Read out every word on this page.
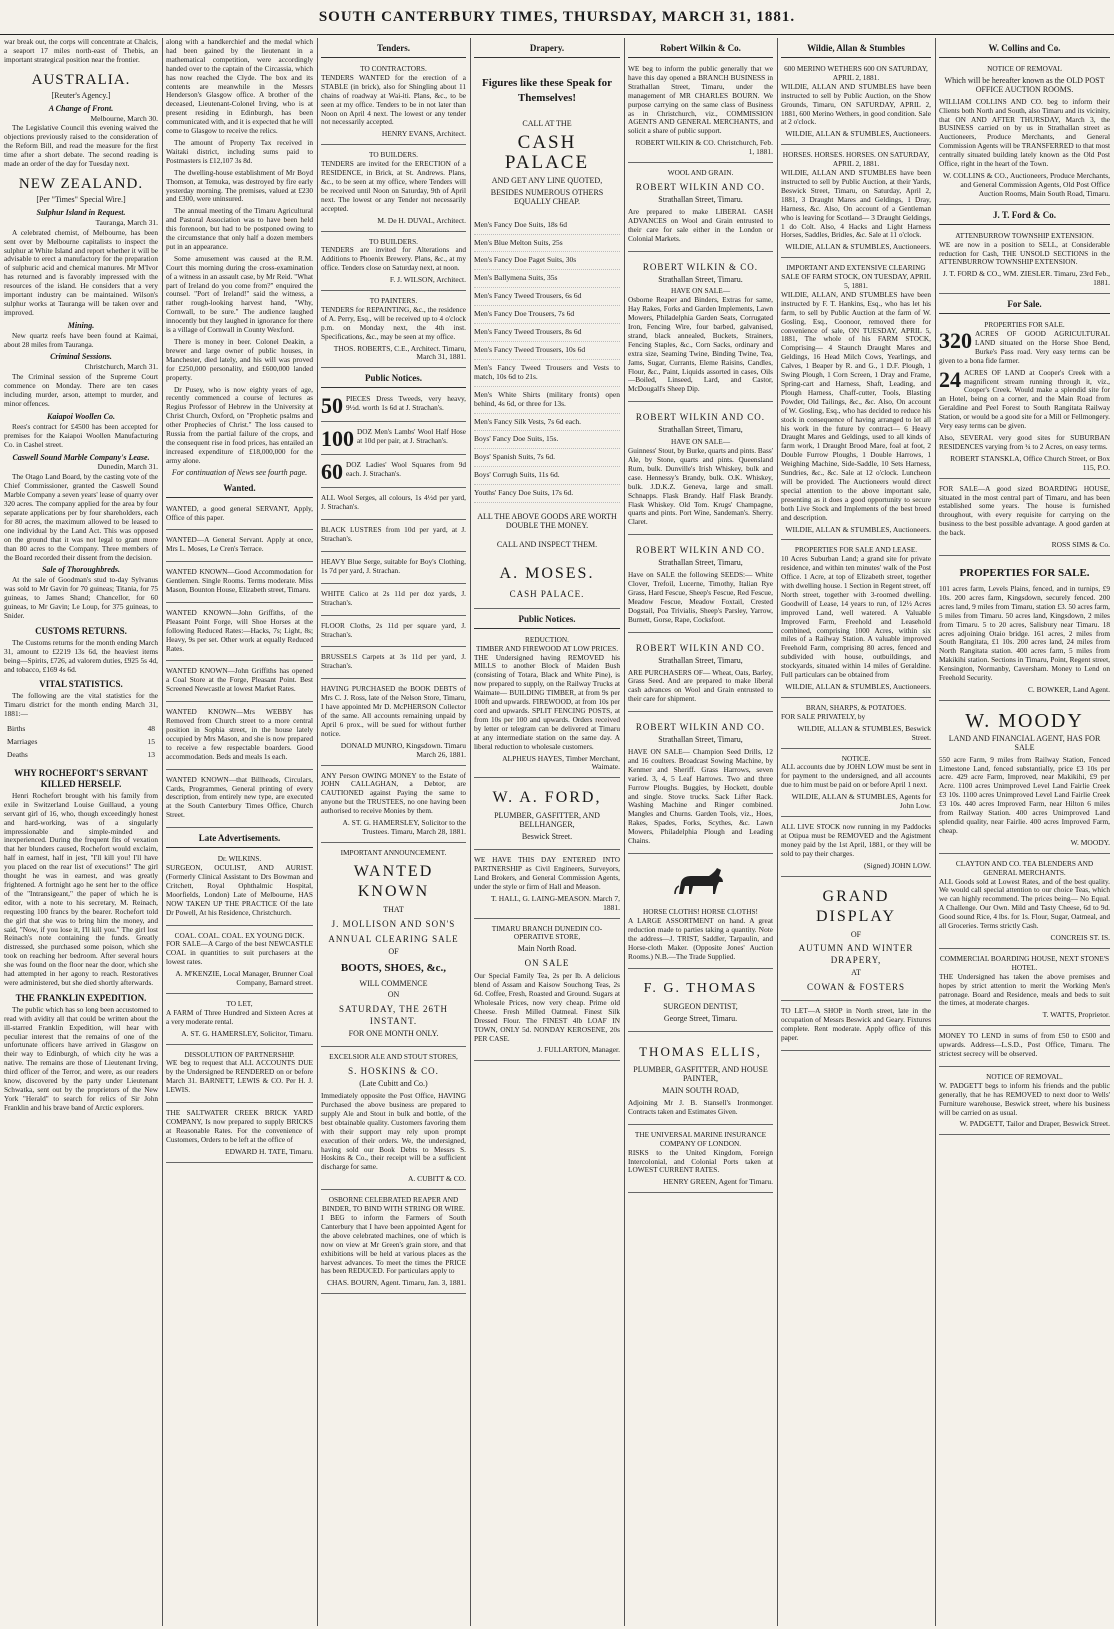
SOUTH CANTERBURY TIMES, THURSDAY, MARCH 31, 1881.

war break out, the corps will concentrate at Chalcis, a seaport 17 miles north-east of Thebis, an important strategical position near the frontier.

AUSTRALIA.
[Reuter's Agency.]
A Change of Front.
Melbourne, March 30.

The Legislative Council this evening waived the objections previously raised to the consideration of the Reform Bill, and read the measure for the first time after a short debate. The second reading is made an order of the day for Tuesday next.

NEW ZEALAND.
[Per "Times" Special Wire.]
Sulphur Island in Request.
Tauranga, March 31.

A celebrated chemist, of Melbourne, has been sent over by Melbourne capitalists to inspect the sulphur at White Island and report whether it will be advisable to erect a manufactory for the preparation of sulphuric acid and chemical manures. Mr M'Ivor has returned and is favorably impressed with the resources of the island. He considers that a very important industry can be maintained. Wilson's sulphur works at Tauranga will be taken over and improved.

Mining.

New quartz reefs have been found at Kaimai, about 28 miles from Tauranga.

Criminal Sessions.
Christchurch, March 31.

The Criminal session of the Supreme Court commence on Monday. There are ten cases including murder, arson, attempt to murder, and minor offences.

Kaiapoi Woollen Co.

Rees's contract for £4500 has been accepted for premises for the Kaiapoi Woollen Manufacturing Co. in Cashel street.

Caswell Sound Marble Company's Lease.
Dunedin, March 31.

The Otago Land Board, by the casting vote of the Chief Commissioner, granted the Caswell Sound Marble Company a seven years' lease of quarry over 320 acres. The company applied for the area by four separate applications per by four shareholders, each for 80 acres, the maximum allowed to be leased to one individual by the Land Act. This was opposed on the ground that it was not legal to grant more than 80 acres to the Company. Three members of the Board recorded their dissent from the decision.

Sale of Thoroughbreds.

At the sale of Goodman's stud to-day Sylvanus was sold to Mr Gavin for 70 guineas; Titania, for 75 guineas, to James Shand; Chancellor, for 60 guineas, to Mr Gavin; Le Loup, for 375 guineas, to Snider.

CUSTOMS RETURNS.

The Customs returns for the month ending March 31, amount to £2219 13s 6d, the heaviest items being—Spirits, £726, ad valorem duties, £925 5s 4d, and tobacco, £169 4s 6d.

VITAL STATISTICS.

The following are the vital statistics for the Timaru district for the month ending March 31, 1881:—

Births	48
Marriages	15
Deaths	13
WHY ROCHEFORT'S SERVANT KILLED HERSELF.

Henri Rochefort brought with his family from exile in Switzerland Louise Guillaud, a young servant girl of 16, who, though exceedingly honest and hard-working, was of a singularly impressionable and simple-minded and inexperienced. During the frequent fits of vexation that her blunders caused, Rochefort would exclaim, half in earnest, half in jest, "I'll kill you! I'll have you placed on the rear list of executions!" The girl thought he was in earnest, and was greatly frightened. A fortnight ago he sent her to the office of the "Intransigeant," the paper of which he is editor, with a note to his secretary, M. Reinach, requesting 100 francs by the bearer. Rochefort told the girl that she was to bring him the money, and said, "Now, if you lose it, I'll kill you." The girl lost Reinach's note containing the funds. Greatly distressed, she purchased some poison, which she took on reaching her bedroom. After several hours she was found on the floor near the door, which she had attempted in her agony to reach. Restoratives were administered, but she died shortly afterwards.

THE FRANKLIN EXPEDITION.

The public which has so long been accustomed to read with avidity all that could be written about the ill-starred Franklin Expedition, will hear with peculiar interest that the remains of one of the unfortunate officers have arrived in Glasgow on their way to Edinburgh, of which city he was a native. The remains are those of Lieutenant Irving, third officer of the Terror, and were, as our readers know, discovered by the party under Lieutenant Schwatka, sent out by the proprietors of the New York "Herald" to search for relics of Sir John Franklin and his brave band of Arctic explorers.

along with a handkerchief and the medal which had been gained by the lieutenant in a mathematical competition, were accordingly handed over to the captain of the Circassia, which has now reached the Clyde. The box and its contents are meanwhile in the Messrs Henderson's Glasgow office. A brother of the deceased, Lieutenant-Colonel Irving, who is at present residing in Edinburgh, has been communicated with, and it is expected that he will come to Glasgow to receive the relics.

The amount of Property Tax received in Waitaki district, including sums paid to Postmasters is £12,107 3s 8d.

The dwelling-house establishment of Mr Boyd Thomson, at Temuka, was destroyed by fire early yesterday morning. The premises, valued at £230 and £300, were uninsured.

The annual meeting of the Timaru Agricultural and Pastoral Association was to have been held this forenoon, but had to be postponed owing to the circumstance that only half a dozen members put in an appearance.

Some amusement was caused at the R.M. Court this morning during the cross-examination of a witness in an assault case, by Mr Reid. "What part of Ireland do you come from?" enquired the counsel. "Port of Ireland!" said the witness, a rather rough-looking harvest hand, "Why, Cornwall, to be sure." The audience laughed innocently but they laughed in ignorance for there is a village of Cornwall in County Wexford.

There is money in beer. Colonel Deakin, a brewer and large owner of public houses, in Manchester, died lately, and his will was proved for £250,000 personality, and £600,000 landed property.

Dr Pusey, who is now eighty years of age, recently commenced a course of lectures as Regius Professor of Hebrew in the University at Christ Church, Oxford, on "Prophetic psalms and other Prophecies of Christ." The loss caused to Russia from the partial failure of the crops, and the consequent rise in food prices, has entailed an increased expenditure of £18,000,000 for the army alone.

For continuation of News see fourth page.
Wanted.

WANTED, a good general SERVANT, Apply, Office of this paper.

WANTED—A General Servant. Apply at once, Mrs L. Moses, Le Cren's Terrace.

WANTED KNOWN—Good Accommodation for Gentlemen. Single Rooms. Terms moderate. Miss Mason, Bounton House, Elizabeth street, Timaru.

WANTED KNOWN—John Griffiths, of the Pleasant Point Forge, will Shoe Horses at the following Reduced Rates:—Hacks, 7s; Light, 8s; Heavy, 9s per set. Other work at equally Reduced Rates.

WANTED KNOWN—John Griffiths has opened a Coal Store at the Forge, Pleasant Point. Best Screened Newcastle at lowest Market Rates.

WANTED KNOWN—Mrs WEBBY has Removed from Church street to a more central position in Sophia street, in the house lately occupied by Mrs Mason, and she is now prepared to receive a few respectable boarders. Good accommodation. Beds and meals 1s each.

WANTED KNOWN—that Billheads, Circulars, Cards, Programmes, General printing of every description, from entirely new type, are executed at the South Canterbury Times Office, Church Street.

Late Advertisements.
Dr. WILKINS.

SURGEON, OCULIST, AND AURIST. (Formerly Clinical Assistant to Drs Bowman and Critchett, Royal Ophthalmic Hospital, Moorfields, London) Late of Melbourne, HAS NOW TAKEN UP THE PRACTICE Of the late Dr Powell, At his Residence, Christchurch.

COAL. COAL. COAL. EX YOUNG DICK.

FOR SALE—A Cargo of the best NEWCASTLE COAL in quantities to suit purchasers at the lowest rates.

A. M'KENZIE, Local Manager, Brunner Coal Company, Barnard street.
TO LET,

A FARM of Three Hundred and Sixteen Acres at a very moderate rental.

A. ST. G. HAMERSLEY, Solicitor, Timaru.
DISSOLUTION OF PARTNERSHIP.

WE beg to request that ALL ACCOUNTS DUE by the Undersigned be RENDERED on or before March 31. BARNETT, LEWIS & CO. Per H. J. LEWIS.

THE SALTWATER CREEK BRICK YARD COMPANY, Is now prepared to supply BRICKS at Reasonable Rates. For the convenience of Customers, Orders to be left at the office of

EDWARD H. TATE, Timaru.
Tenders.
TO CONTRACTORS.

TENDERS WANTED for the erection of a STABLE (in brick), also for Shingling about 11 chains of roadway at Wai-iti. Plans, &c., to be seen at my office. Tenders to be in not later than Noon on April 4 next. The lowest or any tender not necessarily accepted.

HENRY EVANS, Architect.
TO BUILDERS.

TENDERS are invited for the ERECTION of a RESIDENCE, in Brick, at St. Andrews. Plans, &c., to be seen at my office, where Tenders will be received until Noon on Saturday, 9th of April next. The lowest or any Tender not necessarily accepted.

M. De H. DUVAL, Architect.
TO BUILDERS.

TENDERS are invited for Alterations and Additions to Phoenix Brewery. Plans, &c., at my office. Tenders close on Saturday next, at noon.

F. J. WILSON, Architect.
TO PAINTERS.

TENDERS for REPAINTING, &c., the residence of A. Perry, Esq., will be received up to 4 o'clock p.m. on Monday next, the 4th inst. Specifications, &c., may be seen at my office.

THOS. ROBERTS, C.E., Architect. Timaru, March 31, 1881.
Public Notices.
50 PIECES Dress Tweeds, very heavy, 9½d. worth 1s 6d at J. Strachan's.

100 DOZ Men's Lambs' Wool Half Hose at 10d per pair, at J. Strachan's.

60 DOZ Ladies' Wool Squares from 9d each. J. Strachan's.

ALL Wool Serges, all colours, 1s 4½d per yard, J. Strachan's.

BLACK LUSTRES from 10d per yard, at J. Strachan's.

HEAVY Blue Serge, suitable for Boy's Clothing, 1s 7d per yard, J. Strachan.

WHITE Calico at 2s 11d per doz yards, J. Strachan's.

FLOOR Cloths, 2s 11d per square yard, J. Strachan's.

BRUSSELS Carpets at 3s 11d per yard, J. Strachan's.

HAVING PURCHASED the BOOK DEBTS of Mrs C. J. Ross, late of the Nelson Store, Timaru, I have appointed Mr D. McPHERSON Collector of the same. All accounts remaining unpaid by April 6 prox., will be sued for without further notice.

DONALD MUNRO, Kingsdown. Timaru March 26, 1881.

ANY Person OWING MONEY to the Estate of JOHN CALLAGHAN, a Debtor, are CAUTIONED against Paying the same to anyone but the TRUSTEES, no one having been authorised to receive Monies by them.

A. ST. G. HAMERSLEY, Solicitor to the Trustees. Timaru, March 28, 1881.
IMPORTANT ANNOUNCEMENT.
WANTED KNOWN
THAT
J. MOLLISON AND SON'S
ANNUAL CLEARING SALE
OF
BOOTS, SHOES, &c.,
WILL COMMENCE
ON
SATURDAY, THE 26TH INSTANT.
FOR ONE MONTH ONLY.
EXCELSIOR ALE AND STOUT STORES,
S. HOSKINS & CO.
(Late Cubitt and Co.)

Immediately opposite the Post Office, HAVING Purchased the above business are prepared to supply Ale and Stout in bulk and bottle, of the best obtainable quality. Customers favoring them with their support may rely upon prompt execution of their orders. We, the undersigned, having sold our Book Debts to Messrs S. Hoskins & Co., their receipt will be a sufficient discharge for same.

A. CUBITT & CO.
OSBORNE CELEBRATED REAPER AND BINDER, TO BIND WITH STRING OR WIRE.

I BEG to inform the Farmers of South Canterbury that I have been appointed Agent for the above celebrated machines, one of which is now on view at Mr Green's grain store, and that exhibitions will be held at various places as the harvest advances. To meet the times the PRICE has been REDUCED. For particulars apply to

CHAS. BOURN, Agent. Timaru, Jan. 3, 1881.
Drapery.
Figures like these Speak for Themselves!
CALL AT THE
CASH PALACE
AND GET ANY LINE QUOTED,
BESIDES NUMEROUS OTHERS EQUALLY CHEAP.
Men's Fancy Doe Suits, 18s 6d
Men's Blue Melton Suits, 25s
Men's Fancy Doe Paget Suits, 30s
Men's Ballymena Suits, 35s
Men's Fancy Tweed Trousers, 6s 6d
Men's Fancy Doe Trousers, 7s 6d
Men's Fancy Tweed Trousers, 8s 6d
Men's Fancy Tweed Trousers, 10s 6d
Men's Fancy Tweed Trousers and Vests to match, 10s 6d to 21s.
Men's White Shirts (military fronts) open behind, 4s 6d, or three for 13s.
Men's Fancy Silk Vests, 7s 6d each.
Boys' Fancy Doe Suits, 15s.
Boys' Spanish Suits, 7s 6d.
Boys' Corrugh Suits, 11s 6d.
Youths' Fancy Doe Suits, 17s 6d.
ALL THE ABOVE GOODS ARE WORTH DOUBLE THE MONEY.
CALL AND INSPECT THEM.
A. MOSES.
CASH PALACE.
Public Notices.
REDUCTION.
TIMBER AND FIREWOOD AT LOW PRICES.

THE Undersigned having REMOVED his MILLS to another Block of Maiden Bush (consisting of Totara, Black and White Pine), is now prepared to supply, on the Railway Trucks at Waimate— BUILDING TIMBER, at from 9s per 100ft and upwards. FIREWOOD, at from 10s per cord and upwards. SPLIT FENCING POSTS, at from 10s per 100 and upwards. Orders received by letter or telegram can be delivered at Timaru at any intermediate station on the same day. A liberal reduction to wholesale customers.

ALPHEUS HAYES, Timber Merchant, Waimate.
W. A. FORD,
PLUMBER, GASFITTER, AND BELLHANGER,
Beswick Street.

WE HAVE THIS DAY ENTERED INTO PARTNERSHIP as Civil Engineers, Surveyors, Land Brokers, and General Commission Agents, under the style or firm of Hall and Meason.

T. HALL, G. LAING-MEASON. March 7, 1881.
TIMARU BRANCH DUNEDIN CO-OPERATIVE STORE,
Main North Road.
ON SALE

Our Special Family Tea, 2s per lb. A delicious blend of Assam and Kaisow Souchong Teas, 2s 6d. Coffee, Fresh, Roasted and Ground. Sugars at Wholesale Prices, now very cheap. Prime old Cheese. Fresh Milled Oatmeal. Finest Silk Dressed Flour. The FINEST 4lb LOAF IN TOWN, ONLY 5d. NONDAY KEROSENE, 20s PER CASE.

J. FULLARTON, Manager.
Robert Wilkin & Co.

WE beg to inform the public generally that we have this day opened a BRANCH BUSINESS in Strathallan Street, Timaru, under the management of MR CHARLES BOURN. We purpose carrying on the same class of Business as in Christchurch, viz., COMMISSION AGENTS AND GENERAL MERCHANTS, and solicit a share of public support.

ROBERT WILKIN & CO. Christchurch, Feb. 1, 1881.
WOOL AND GRAIN.
ROBERT WILKIN AND CO.
Strathallan Street, Timaru.

Are prepared to make LIBERAL CASH ADVANCES on Wool and Grain entrusted to their care for sale either in the London or Colonial Markets.

ROBERT WILKIN & CO.
Strathallan Street, Timaru.
HAVE ON SALE—

Osborne Reaper and Binders, Extras for same, Hay Rakes, Forks and Garden Implements, Lawn Mowers, Philadelphia Garden Seats, Corrugated Iron, Fencing Wire, four barbed, galvanised, strand, black annealed, Buckets, Strainers, Fencing Staples, &c., Corn Sacks, ordinary and extra size, Seaming Twine, Binding Twine, Tea, Jams, Sugar, Currants, Eleme Raisins, Candles, Flour, &c., Paint, Liquids assorted in cases, Oils—Boiled, Linseed, Lard, and Castor, McDougall's Sheep Dip.

ROBERT WILKIN AND CO.
Strathallan Street, Timaru,
HAVE ON SALE—

Guinness' Stout, by Burke, quarts and pints. Bass' Ale, by Stone, quarts and pints. Queensland Rum, bulk. Dunville's Irish Whiskey, bulk and case. Hennessy's Brandy, bulk. O.K. Whiskey, bulk. J.D.K.Z. Geneva, large and small. Schnapps. Flask Brandy. Half Flask Brandy. Flask Whiskey. Old Tom. Krugs' Champagne, quarts and pints. Port Wine, Sandeman's. Sherry. Claret.

ROBERT WILKIN AND CO.
Strathallan Street, Timaru,

Have on SALE the following SEEDS:— White Clover, Trefoil, Lucerne, Timothy, Italian Rye Grass, Hard Fescue, Sheep's Fescue, Red Fescue, Meadow Fescue, Meadow Foxtail, Crested Dogstail, Poa Trivialis, Sheep's Parsley, Yarrow, Burnett, Gorse, Rape, Cocksfoot.

ROBERT WILKIN AND CO.
Strathallan Street, Timaru,

ARE PURCHASERS OF— Wheat, Oats, Barley, Grass Seed. And are prepared to make liberal cash advances on Wool and Grain entrusted to their care for shipment.

ROBERT WILKIN AND CO.
Strathallan Street, Timaru,

HAVE ON SALE— Champion Seed Drills, 12 and 16 coulters. Broadcast Sowing Machine, by Kenmer and Sheriff. Grass Harrows, seven varied. 3, 4, 5 Leaf Harrows. Two and three Furrow Ploughs. Buggies, by Hockett, double and single. Stove trucks. Sack Lifter Rack. Washing Machine and Ringer combined. Mangles and Churns. Garden Tools, viz., Hoes, Rakes, Spades, Forks, Scythes, &c. Lawn Mowers, Philadelphia Plough and Leading Chains.

HORSE CLOTHS! HORSE CLOTHS!

A LARGE ASSORTMENT on hand. A great reduction made to parties taking a quantity. Note the address—J. TRIST, Saddler, Tarpaulin, and Horse-cloth Maker. (Opposite Jones' Auction Rooms.) N.B.—The Trade Supplied.

F. G. THOMAS
SURGEON DENTIST,
George Street, Timaru.
THOMAS ELLIS,
PLUMBER, GASFITTER, AND HOUSE PAINTER,
MAIN SOUTH ROAD,

Adjoining Mr J. B. Stansell's Ironmonger. Contracts taken and Estimates Given.

THE UNIVERSAL MARINE INSURANCE COMPANY OF LONDON.

RISKS to the United Kingdom, Foreign Intercolonial, and Colonial Ports taken at LOWEST CURRENT RATES.

HENRY GREEN, Agent for Timaru.
Wildie, Allan & Stumbles
600 MERINO WETHERS 600 ON SATURDAY, APRIL 2, 1881.

WILDIE, ALLAN AND STUMBLES have been instructed to sell by Public Auction, on the Show Grounds, Timaru, ON SATURDAY, APRIL 2, 1881, 600 Merino Wethers, in good condition. Sale at 2 o'clock.

WILDIE, ALLAN & STUMBLES, Auctioneers.
HORSES. HORSES. HORSES. ON SATURDAY, APRIL 2, 1881.

WILDIE, ALLAN AND STUMBLES have been instructed to sell by Public Auction, at their Yards, Beswick Street, Timaru, on Saturday, April 2, 1881, 3 Draught Mares and Geldings, 1 Dray, Harness, &c. Also, On account of a Gentleman who is leaving for Scotland— 3 Draught Geldings, 1 do Colt. Also, 4 Hacks and Light Harness Horses, Saddles, Bridles, &c. Sale at 11 o'clock.

WILDIE, ALLAN & STUMBLES, Auctioneers.
IMPORTANT AND EXTENSIVE CLEARING SALE OF FARM STOCK, ON TUESDAY, APRIL 5, 1881.

WILDIE, ALLAN, AND STUMBLES have been instructed by F. T. Hankins, Esq., who has let his farm, to sell by Public Auction at the farm of W. Gosling, Esq., Coonoor, removed there for convenience of sale, ON TUESDAY, APRIL 5, 1881, The whole of his FARM STOCK, Comprising— 4 Staunch Draught Mares and Geldings, 16 Head Milch Cows, Yearlings, and Calves, 1 Beaper by R. and G., 1 D.F. Plough, 1 Swing Plough, 1 Corn Screen, 1 Dray and Frame, Spring-cart and Harness, Shaft, Leading, and Plough Harness, Chaff-cutter, Tools, Blasting Powder, Old Tailings, &c., &c. Also, On account of W. Gosling, Esq., who has decided to reduce his stock in consequence of having arranged to let all his work in the future by contract— 6 Heavy Draught Mares and Geldings, used to all kinds of farm work, 1 Draught Brood Mare, foal at foot, 2 Double Furrow Ploughs, 1 Double Harrows, 1 Weighing Machine, Side-Saddle, 10 Sets Harness, Sundries, &c., &c. Sale at 12 o'clock. Luncheon will be provided. The Auctioneers would direct special attention to the above important sale, presenting as it does a good opportunity to secure both Live Stock and Implements of the best breed and description.

WILDIE, ALLAN & STUMBLES, Auctioneers.
PROPERTIES FOR SALE AND LEASE.

10 Acres Suburban Land; a grand site for private residence, and within ten minutes' walk of the Post Office. 1 Acre, at top of Elizabeth street, together with dwelling house. 1 Section in Regent street, off North street, together with 3-roomed dwelling. Goodwill of Lease, 14 years to run, of 12½ Acres improved Land, well watered. A Valuable Improved Farm, Freehold and Leasehold combined, comprising 1000 Acres, within six miles of a Railway Station. A valuable improved Freehold Farm, comprising 80 acres, fenced and subdivided with house, outbuildings, and stockyards, situated within 14 miles of Geraldine. Full particulars can be obtained from

WILDIE, ALLAN & STUMBLES, Auctioneers.
BRAN, SHARPS, & POTATOES.

FOR SALE PRIVATELY, by

WILDIE, ALLAN & STUMBLES, Beswick Street.
NOTICE.

ALL accounts due by JOHN LOW must be sent in for payment to the undersigned, and all accounts due to him must be paid on or before April 1 next.

WILDIE, ALLAN & STUMBLES, Agents for John Low.

ALL LIVE STOCK now running in my Paddocks at Otipua must be REMOVED and the Agistment money paid by the 1st April, 1881, or they will be sold to pay their charges.

(Signed) JOHN LOW.
GRAND DISPLAY
OF
AUTUMN AND WINTER DRAPERY,
AT
COWAN & FOSTERS

TO LET—A SHOP in North street, late in the occupation of Messrs Beswick and Geary. Fixtures complete. Rent moderate. Apply office of this paper.

W. Collins and Co.
NOTICE OF REMOVAL
Which will be hereafter known as the OLD POST OFFICE AUCTION ROOMS.

WILLIAM COLLINS AND CO. beg to inform their Clients both North and South, also Timaru and its vicinity, that ON AND AFTER THURSDAY, March 3, the BUSINESS carried on by us in Strathallan street as Auctioneers, Produce Merchants, and General Commission Agents will be TRANSFERRED to that most centrally situated building lately known as the Old Post Office, right in the heart of the Town.

W. COLLINS & CO., Auctioneers, Produce Merchants, and General Commission Agents, Old Post Office Auction Rooms, Main South Road, Timaru.
J. T. Ford & Co.
ATTENBURROW TOWNSHIP EXTENSION.

WE are now in a position to SELL, at Considerable reduction for Cash, THE UNSOLD SECTIONS in the ATTENBURROW TOWNSHIP EXTENSION.

J. T. FORD & CO., WM. ZIESLER. Timaru, 23rd Feb., 1881.
For Sale.
PROPERTIES FOR SALE.
320 ACRES OF GOOD AGRICULTURAL LAND situated on the Horse Shoe Bend, Burke's Pass road. Very easy terms can be given to a bona fide farmer.

24 ACRES OF LAND at Cooper's Creek with a magnificent stream running through it, viz., Cooper's Creek. Would make a splendid site for an Hotel, being on a corner, and the Main Road from Geraldine and Peel Forest to South Rangitata Railway Station, or would be a good site for a Mill or Fellmongery. Very easy terms can be given.

Also, SEVERAL very good sites for SUBURBAN RESIDENCES varying from ¼ to 2 Acres, on easy terms.

ROBERT STANSKLA, Office Church Street, or Box 115, P.O.

FOR SALE—A good sized BOARDING HOUSE, situated in the most central part of Timaru, and has been established some years. The house is furnished throughout, with every requisite for carrying on the business to the best possible advantage. A good garden at the back.

ROSS SIMS & Co.
PROPERTIES FOR SALE.

101 acres farm, Levels Plains, fenced, and in turnips, £9 10s. 200 acres farm, Kingsdown, securely fenced. 200 acres land, 9 miles from Timaru, station £3. 50 acres farm, 5 miles from Timaru. 50 acres land, Kingsdown, 2 miles from Timaru. 5 to 20 acres, Salisbury near Timaru. 18 acres adjoining Otaio bridge. 161 acres, 2 miles from South Rangitata, £1 10s. 200 acres land, 24 miles from North Rangitata station. 400 acres farm, 5 miles from Makikihi station. Sections in Timaru, Point, Regent street, Kensington, Normanby, Caversham. Money to Lend on Freehold Security.

C. BOWKER, Land Agent.
W. MOODY
LAND AND FINANCIAL AGENT, HAS FOR SALE

550 acre Farm, 9 miles from Railway Station, Fenced Limestone Land, fenced substantially, price £3 10s per acre. 429 acre Farm, Improved, near Makikihi, £9 per Acre. 1100 acres Unimproved Level Land Fairlie Creek £3 10s. 1100 acres Unimproved Level Land Fairlie Creek £3 10s. 440 acres Improved Farm, near Hilton 6 miles from Railway Station. 400 acres Unimproved Land splendid quality, near Fairlie. 400 acres Improved Farm, cheap.

W. MOODY.
CLAYTON AND CO. TEA BLENDERS AND GENERAL MERCHANTS.

ALL Goods sold at Lowest Rates, and of the best quality. We would call special attention to our choice Teas, which we can highly recommend. The prices being— No Equal. A Challenge. Our Own. Mild and Tasty Cheese, 6d to 9d. Good sound Rice, 4 lbs. for 1s. Flour, Sugar, Oatmeal, and all Groceries. Terms strictly Cash.

CONCREIS ST. IS.
COMMERCIAL BOARDING HOUSE, NEXT STONE'S HOTEL.

THE Undersigned has taken the above premises and hopes by strict attention to merit the Working Men's patronage. Board and Residence, meals and beds to suit the times, at moderate charges.

T. WATTS, Proprietor.

MONEY TO LEND in sums of from £50 to £500 and upwards. Address—L.S.D., Post Office, Timaru. The strictest secrecy will be observed.

NOTICE OF REMOVAL.

W. PADGETT begs to inform his friends and the public generally, that he has REMOVED to next door to Wells' Furniture warehouse, Beswick street, where his business will be carried on as usual.

W. PADGETT, Tailor and Draper, Beswick Street.
